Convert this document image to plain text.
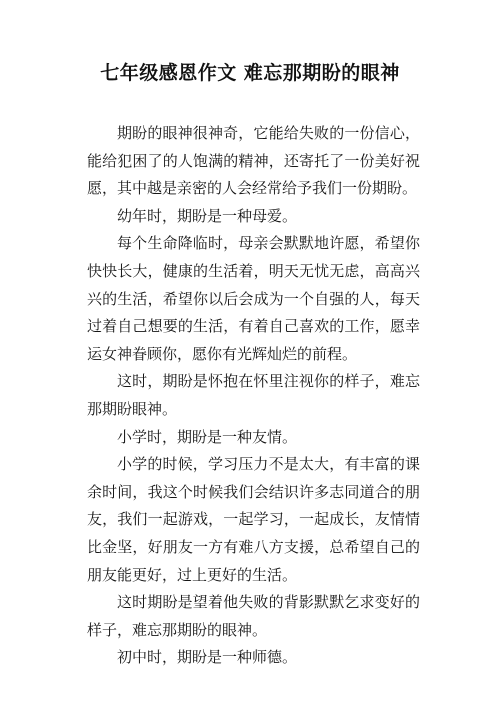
七年级感恩作文 难忘那期盼的眼神

期盼的眼神很神奇，它能给失败的一份信心，能给犯困了的人饱满的精神，还寄托了一份美好祝愿，其中越是亲密的人会经常给予我们一份期盼。

幼年时，期盼是一种母爱。

每个生命降临时，母亲会默默地许愿，希望你快快长大，健康的生活着，明天无忧无虑，高高兴兴的生活，希望你以后会成为一个自强的人，每天过着自己想要的生活，有着自己喜欢的工作，愿幸运女神眷顾你，愿你有光辉灿烂的前程。

这时，期盼是怀抱在怀里注视你的样子，难忘那期盼眼神。

小学时，期盼是一种友情。

小学的时候，学习压力不是太大，有丰富的课余时间，我这个时候我们会结识许多志同道合的朋友，我们一起游戏，一起学习，一起成长，友情情比金坚，好朋友一方有难八方支援，总希望自己的朋友能更好，过上更好的生活。

这时期盼是望着他失败的背影默默乞求变好的样子，难忘那期盼的眼神。

初中时，期盼是一种师德。
